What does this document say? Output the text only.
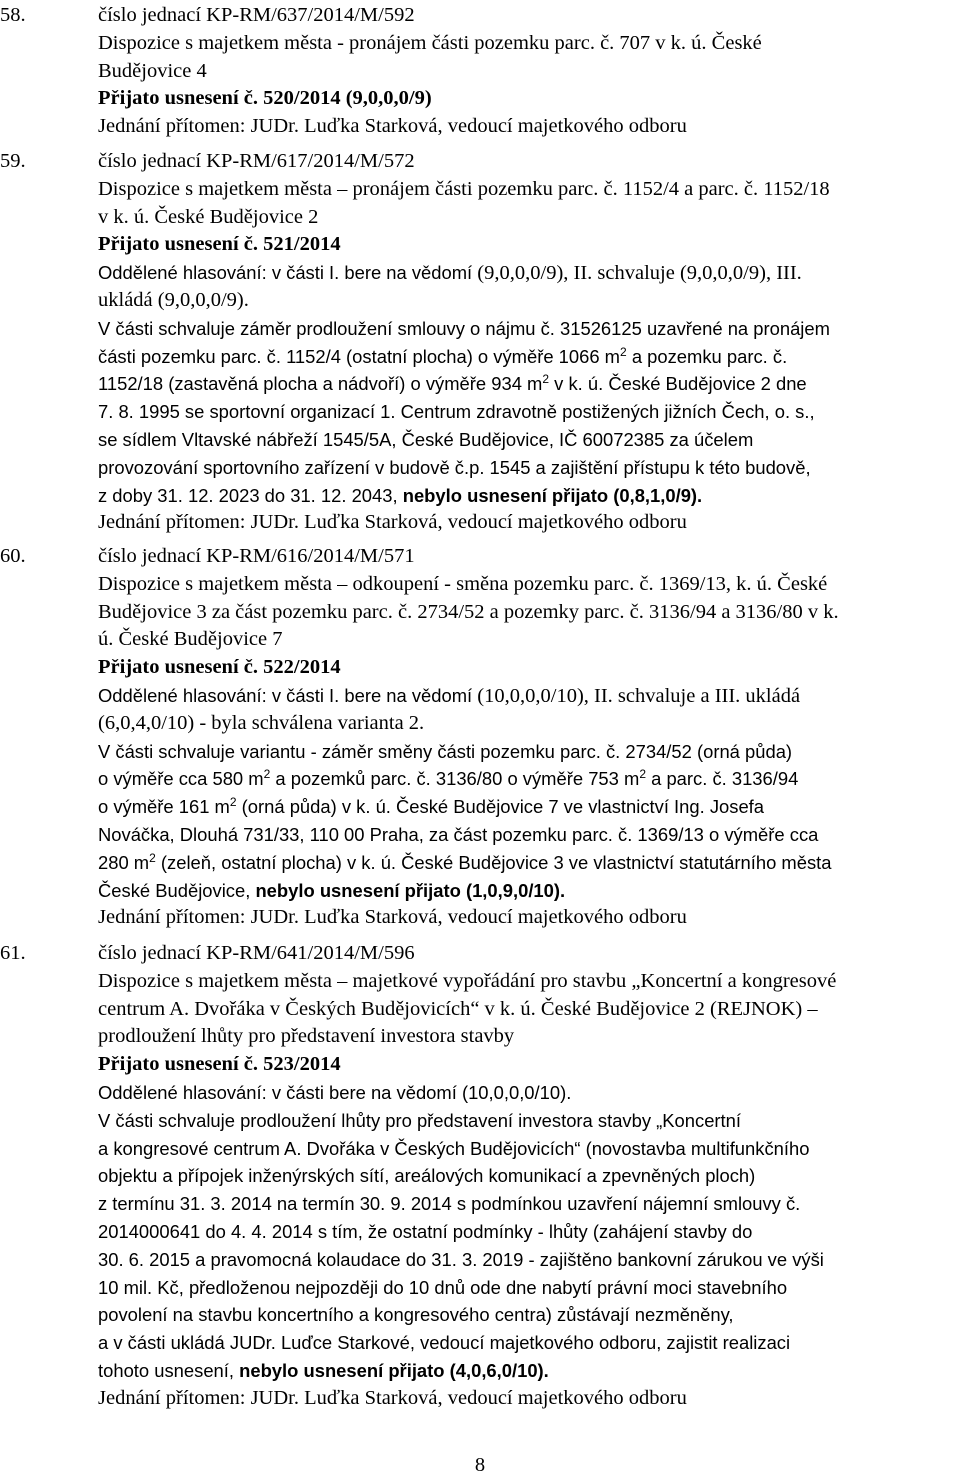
58.	číslo jednací KP-RM/637/2014/M/592
Dispozice s majetkem města - pronájem části pozemku parc. č. 707 v k. ú. České
Budějovice 4
Přijato usnesení č. 520/2014 (9,0,0,0/9)
Jednání přítomen: JUDr. Luďka Starková, vedoucí majetkového odboru
59.	číslo jednací KP-RM/617/2014/M/572
Dispozice s majetkem města – pronájem části pozemku parc. č. 1152/4 a parc. č. 1152/18
v k. ú. České Budějovice 2
Přijato usnesení č. 521/2014
Oddělené hlasování: v části I. bere na vědomí (9,0,0,0/9), II. schvaluje (9,0,0,0/9), III.
ukládá (9,0,0,0/9).
V části schvaluje záměr prodloužení smlouvy o nájmu č. 31526125 uzavřené na pronájem
části pozemku parc. č. 1152/4 (ostatní plocha) o výměře 1066 $m^2$ a pozemku parc. č.
1152/18 (zastavěná plocha a nádvoří) o výměře 934 $m^2$ v k. ú. České Budějovice 2 dne
7. 8. 1995 se sportovní organizací 1. Centrum zdravotně postižených jižních Čech, o. s.,
se sídlem Vltavské nábřeží 1545/5A, České Budějovice, IČ 60072385 za účelem
provozování sportovního zařízení v budově č.p. 1545 a zajištění přístupu k této budově,
z doby 31. 12. 2023 do 31. 12. 2043, nebylo usnesení přijato (0,8,1,0/9).
Jednání přítomen: JUDr. Luďka Starková, vedoucí majetkového odboru
60.	číslo jednací KP-RM/616/2014/M/571
Dispozice s majetkem města – odkoupení - směna pozemku parc. č. 1369/13, k. ú. České
Budějovice 3 za část pozemku parc. č. 2734/52 a pozemky parc. č. 3136/94 a 3136/80 v k.
ú. České Budějovice 7
Přijato usnesení č. 522/2014
Oddělené hlasování: v části I. bere na vědomí (10,0,0,0/10), II. schvaluje a III. ukládá
(6,0,4,0/10) - byla schválena varianta 2.
V části schvaluje variantu - záměr směny části pozemku parc. č. 2734/52 (orná půda)
o výměře cca 580 $m^2$ a pozemků parc. č. 3136/80 o výměře 753 $m^2$ a parc. č. 3136/94
o výměře 161 $m^2$ (orná půda) v k. ú. České Budějovice 7 ve vlastnictví Ing. Josefa
Nováčka, Dlouhá 731/33, 110 00 Praha, za část pozemku parc. č. 1369/13 o výměře cca
280 $m^2$ (zeleň, ostatní plocha) v k. ú. České Budějovice 3 ve vlastnictví statutárního města
České Budějovice, nebylo usnesení přijato (1,0,9,0/10).
Jednání přítomen: JUDr. Luďka Starková, vedoucí majetkového odboru
61.	číslo jednací KP-RM/641/2014/M/596
Dispozice s majetkem města – majetkové vypořádání pro stavbu „Koncertní a kongresové
centrum A. Dvořáka v Českých Budějovicích“ v k. ú. České Budějovice 2 (REJNOK) –
prodloužení lhůty pro představení investora stavby
Přijato usnesení č. 523/2014
Oddělené hlasování: v části bere na vědomí (10,0,0,0/10).
V části schvaluje prodloužení lhůty pro představení investora stavby „Koncertní
a kongresové centrum A. Dvořáka v Českých Budějovicích“ (novostavba multifunkčního
objektu a přípojek inženýrských sítí, areálových komunikací a zpevněných ploch)
z termínu 31. 3. 2014 na termín 30. 9. 2014 s podmínkou uzavření nájemní smlouvy č.
2014000641 do 4. 4. 2014 s tím, že ostatní podmínky - lhůty (zahájení stavby do
30. 6. 2015 a pravomocná kolaudace do 31. 3. 2019 - zajištěno bankovní zárukou ve výši
10 mil. Kč, předloženou nejpozději do 10 dnů ode dne nabytí právní moci stavebního
povolení na stavbu koncertního a kongresového centra) zůstávají nezměněny,
a v části ukládá JUDr. Luďce Starkové, vedoucí majetkového odboru, zajistit realizaci
tohoto usnesení, nebylo usnesení přijato (4,0,6,0/10).
Jednání přítomen: JUDr. Luďka Starková, vedoucí majetkového odboru
8
